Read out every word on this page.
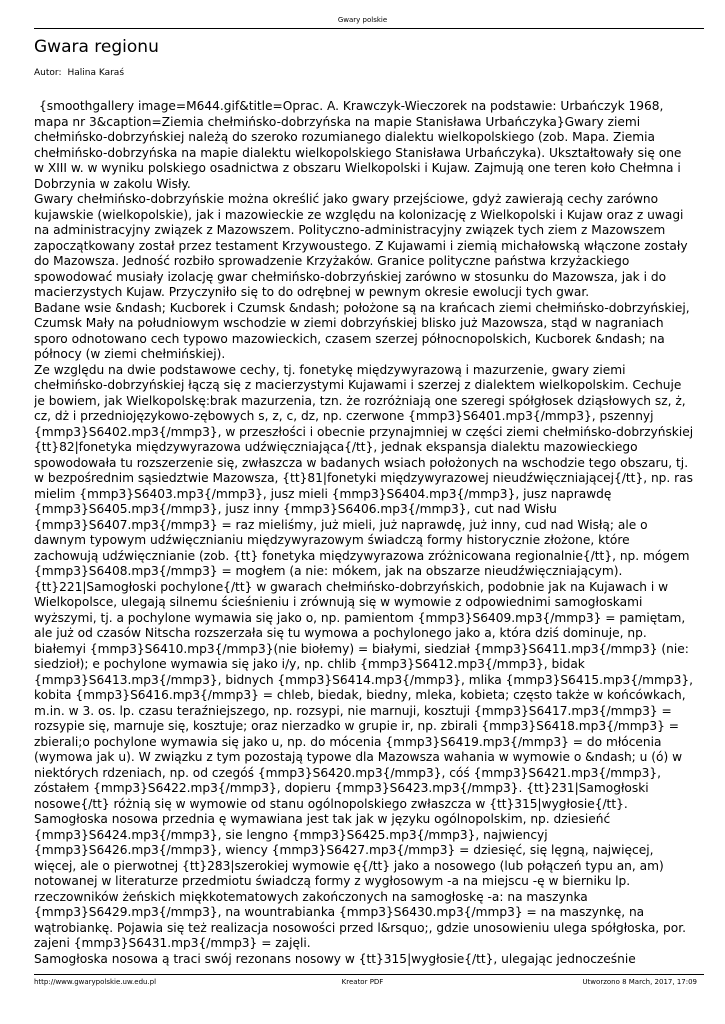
Gwary polskie
Gwara regionu
Autor: Halina Karaś

{smoothgallery image=M644.gif&title=Oprac. A. Krawczyk-Wieczorek na podstawie: Urbańczyk 1968, mapa nr 3&caption=Ziemia chełmińsko-dobrzyńska na mapie Stanisława Urbańczyka}Gwary ziemi chełmińsko-dobrzyńskiej należą do szeroko rozumianego dialektu wielkopolskiego (zob. Mapa. Ziemia chełmińsko-dobrzyńska na mapie dialektu wielkopolskiego Stanisława Urbańczyka). Ukształtowały się one w XIII w. w wyniku polskiego osadnictwa z obszaru Wielkopolski i Kujaw. Zajmują one teren koło Chełmna i Dobrzynia w zakolu Wisły.

Gwary chełmińsko-dobrzyńskie można określić jako gwary przejściowe, gdyż zawierają cechy zarówno kujawskie (wielkopolskie), jak i mazowieckie ze względu na kolonizację z Wielkopolski i Kujaw oraz z uwagi na administracyjny związek z Mazowszem. Polityczno-administracyjny związek tych ziem z Mazowszem zapoczątkowany został przez testament Krzywoustego. Z Kujawami i ziemią michałowską włączone zostały do Mazowsza. Jedność rozbiło sprowadzenie Krzyżaków. Granice polityczne państwa krzyżackiego spowodować musiały izolację gwar chełmińsko-dobrzyńskiej zarówno w stosunku do Mazowsza, jak i do macierzystych Kujaw. Przyczyniło się to do odrębnej w pewnym okresie ewolucji tych gwar.

Badane wsie &ndash; Kucborek i Czumsk &ndash; położone są na krańcach ziemi chełmińsko-dobrzyńskiej, Czumsk Mały na południowym wschodzie w ziemi dobrzyńskiej blisko już Mazowsza, stąd w nagraniach sporo odnotowano cech typowo mazowieckich, czasem szerzej północnopolskich, Kucborek &ndash; na północy (w ziemi chełmińskiej).

Ze względu na dwie podstawowe cechy, tj. fonetykę międzywyrazową i mazurzenie, gwary ziemi chełmińsko-dobrzyńskiej łączą się z macierzystymi Kujawami i szerzej z dialektem wielkopolskim. Cechuje je bowiem, jak Wielkopolskę:brak mazurzenia, tzn. że rozróżniają one szeregi spółgłosek dziąsłowych sz, ż, cz, dż i przedniojęzykowo-zębowych s, z, c, dz, np. czerwone {mmp3}S6401.mp3{/mmp3}, pszennyj {mmp3}S6402.mp3{/mmp3}, w przeszłości i obecnie przynajmniej w części ziemi chełmińsko-dobrzyńskiej {tt}82|fonetyka międzywyrazowa udźwięczniająca{/tt}, jednak ekspansja dialektu mazowieckiego spowodowała tu rozszerzenie się, zwłaszcza w badanych wsiach położonych na wschodzie tego obszaru, tj. w bezpośrednim sąsiedztwie Mazowsza, {tt}81|fonetyki międzywyrazowej nieudźwięczniającej{/tt}, np. ras mielim {mmp3}S6403.mp3{/mmp3}, jusz mieli {mmp3}S6404.mp3{/mmp3}, jusz naprawdę {mmp3}S6405.mp3{/mmp3}, jusz inny {mmp3}S6406.mp3{/mmp3}, cut nad Wisłu {mmp3}S6407.mp3{/mmp3} = raz mieliśmy, już mieli, już naprawdę, już inny, cud nad Wisłą; ale o dawnym typowym udźwięcznianiu międzywyrazowym świadczą formy historycznie złożone, które zachowują udźwięcznianie (zob. {tt} fonetyka międzywyrazowa zróżnicowana regionalnie{/tt}, np. mógem {mmp3}S6408.mp3{/mmp3} = mogłem (a nie: mókem, jak na obszarze nieudźwięczniającym). {tt}221|Samogłoski pochylone{/tt} w gwarach chełmińsko-dobrzyńskich, podobnie jak na Kujawach i w Wielkopolsce, ulegają silnemu ścieśnieniu i zrównują się w wymowie z odpowiednimi samogłoskami wyższymi, tj. a pochylone wymawia się jako o, np. pamientom {mmp3}S6409.mp3{/mmp3} = pamiętam, ale już od czasów Nitscha rozszerzała się tu wymowa a pochylonego jako a, która dziś dominuje, np. białemyi {mmp3}S6410.mp3{/mmp3}(nie biołemy) = białymi, siedział {mmp3}S6411.mp3{/mmp3} (nie: siedzioł); e pochylone wymawia się jako i/y, np. chlib {mmp3}S6412.mp3{/mmp3}, bidak {mmp3}S6413.mp3{/mmp3}, bidnych {mmp3}S6414.mp3{/mmp3}, mlika {mmp3}S6415.mp3{/mmp3}, kobita {mmp3}S6416.mp3{/mmp3} = chleb, biedak, biedny, mleka, kobieta; często także w końcówkach, m.in. w 3. os. lp. czasu teraźniejszego, np. rozsypi, nie marnuji, kosztuji {mmp3}S6417.mp3{/mmp3} = rozsypie się, marnuje się, kosztuje; oraz nierzadko w grupie ir, np. zbirali {mmp3}S6418.mp3{/mmp3} = zbierali;o pochylone wymawia się jako u, np. do mócenia {mmp3}S6419.mp3{/mmp3} = do młócenia (wymowa jak u). W związku z tym pozostają typowe dla Mazowsza wahania w wymowie o &ndash; u (ó) w niektórych rdzeniach, np. od czegóś {mmp3}S6420.mp3{/mmp3}, cóś {mmp3}S6421.mp3{/mmp3}, zóstałem {mmp3}S6422.mp3{/mmp3}, dopieru {mmp3}S6423.mp3{/mmp3}. {tt}231|Samogłoski nosowe{/tt} różnią się w wymowie od stanu ogólnopolskiego zwłaszcza w {tt}315|wygłosie{/tt}.

Samogłoska nosowa przednia ę wymawiana jest tak jak w języku ogólnopolskim, np. dziesieńć {mmp3}S6424.mp3{/mmp3}, sie lengno {mmp3}S6425.mp3{/mmp3}, najwiencyj {mmp3}S6426.mp3{/mmp3}, wiency {mmp3}S6427.mp3{/mmp3} = dziesięć, się lęgną, najwięcej, więcej, ale o pierwotnej {tt}283|szerokiej wymowie ę{/tt} jako a nosowego (lub połączeń typu an, am) notowanej w literaturze przedmiotu świadczą formy z wygłosowym -a na miejscu -ę w bierniku lp. rzeczowników żeńskich miękkotematowych zakończonych na samogłoskę -a: na maszynka {mmp3}S6429.mp3{/mmp3}, na wountrabianka {mmp3}S6430.mp3{/mmp3} = na maszynkę, na wątrobiankę. Pojawia się też realizacja nosowości przed l&rsquo;, gdzie unosowieniu ulega spółgłoska, por. zajeni {mmp3}S6431.mp3{/mmp3} = zajęli.

Samogłoska nosowa ą traci swój rezonans nosowy w {tt}315|wygłosie{/tt}, ulegając jednocześnie

http://www.gwarypolskie.uw.edu.pl	Kreator PDF	Utworzono 8 March, 2017, 17:09
